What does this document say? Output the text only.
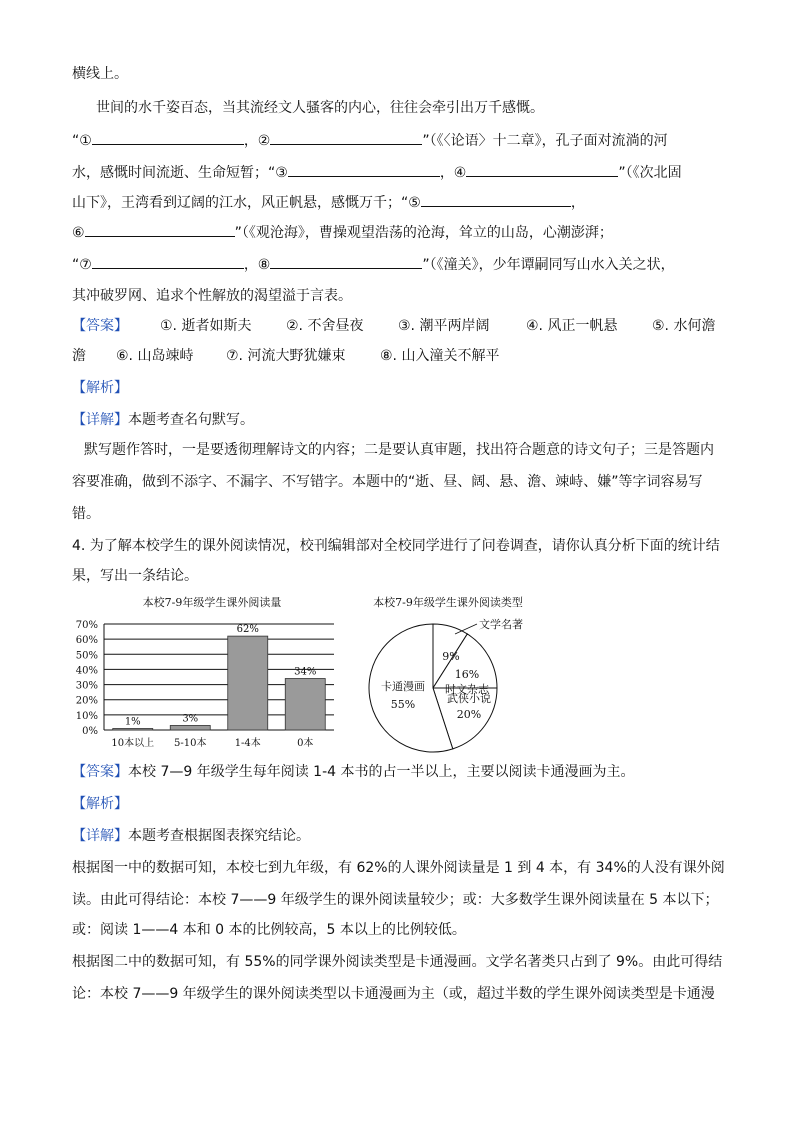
横线上。
世间的水千姿百态，当其流经文人骚客的内心，往往会牵引出万千感慨。
“①	，②	”（《〈论语〉十二章》，孔子面对流淌的河
水，感慨时间流逝、生命短暂；“③	，④	”（《次北固
山下》，王湾看到辽阔的江水，风正帆悬，感慨万千；“⑤	，
⑥	”（《观沧海》，曹操观望浩荡的沧海，耸立的山岛，心潮澎湃；
“⑦	，⑧	”（《潼关》，少年谭嗣同写山水入关之状，
其冲破罗网、追求个性解放的渴望溢于言表。
【答案】 ①. 逝者如斯夫 ②. 不舍昼夜 ③. 潮平两岸阔	④. 风正一帆悬 ⑤. 水何澹
澹 ⑥. 山岛竦峙 ⑦. 河流大野犹嫌束 ⑧. 山入潼关不解平
【解析】
【详解】本题考查名句默写。
默写题作答时，一是要透彻理解诗文的内容；二是要认真审题，找出符合题意的诗文句子；三是答题内
容要准确，做到不添字、不漏字、不写错字。本题中的“逝、昼、阔、悬、澹、竦峙、嫌”等字词容易写
错。
4. 为了解本校学生的课外阅读情况，校刊编辑部对全校同学进行了问卷调查，请你认真分析下面的统计结
果，写出一条结论。
本校7-9年级学生课外阅读量
0%
10%
20%
30%
40%
50%
60%
70%
1%
10本以上
3%
5-10本
62%
1-4本
34%
0本
本校7-9年级学生课外阅读类型
9%
文学名著
16%
时文杂志
武侠小说
20%
卡通漫画
55%
【答案】本校 7—9 年级学生每年阅读 1-4 本书的占一半以上，主要以阅读卡通漫画为主。
【解析】
【详解】本题考查根据图表探究结论。
根据图一中的数据可知，本校七到九年级，有 62%的人课外阅读量是 1 到 4 本，有 34%的人没有课外阅
读。由此可得结论：本校 7——9 年级学生的课外阅读量较少；或：大多数学生课外阅读量在 5 本以下；
或：阅读 1——4 本和 0 本的比例较高，5 本以上的比例较低。
根据图二中的数据可知，有 55%的同学课外阅读类型是卡通漫画。文学名著类只占到了 9%。由此可得结
论：本校 7——9 年级学生的课外阅读类型以卡通漫画为主（或，超过半数的学生课外阅读类型是卡通漫
